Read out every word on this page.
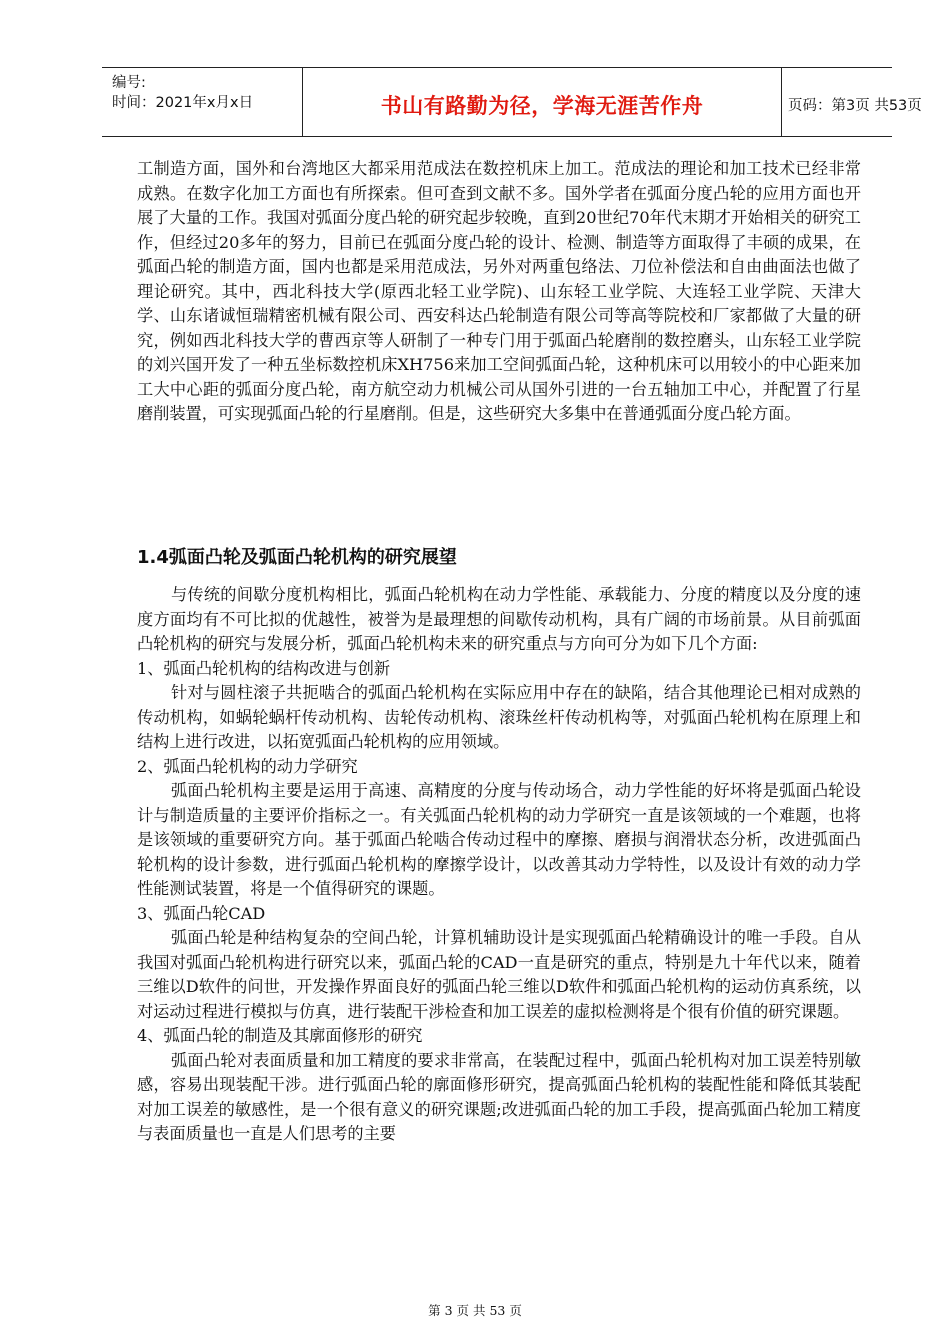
编号:
时间：2021年x月x日	书山有路勤为径，学海无涯苦作舟	页码：第3页 共53页

工制造方面，国外和台湾地区大都采用范成法在数控机床上加工。范成法的理论和加工技术已经非常成熟。在数字化加工方面也有所探索。但可查到文献不多。国外学者在弧面分度凸轮的应用方面也开展了大量的工作。我国对弧面分度凸轮的研究起步较晚，直到20世纪70年代末期才开始相关的研究工作，但经过20多年的努力，目前已在弧面分度凸轮的设计、检测、制造等方面取得了丰硕的成果，在弧面凸轮的制造方面，国内也都是采用范成法，另外对两重包络法、刀位补偿法和自由曲面法也做了理论研究。其中，西北科技大学(原西北轻工业学院)、山东轻工业学院、大连轻工业学院、天津大学、山东诸诚恒瑞精密机械有限公司、西安科达凸轮制造有限公司等高等院校和厂家都做了大量的研究，例如西北科技大学的曹西京等人研制了一种专门用于弧面凸轮磨削的数控磨头，山东轻工业学院的刘兴国开发了一种五坐标数控机床XH756来加工空间弧面凸轮，这种机床可以用较小的中心距来加工大中心距的弧面分度凸轮，南方航空动力机械公司从国外引进的一台五轴加工中心，并配置了行星磨削装置，可实现弧面凸轮的行星磨削。但是，这些研究大多集中在普通弧面分度凸轮方面。

1.4弧面凸轮及弧面凸轮机构的研究展望

与传统的间歇分度机构相比，弧面凸轮机构在动力学性能、承载能力、分度的精度以及分度的速度方面均有不可比拟的优越性，被誉为是最理想的间歇传动机构，具有广阔的市场前景。从目前弧面凸轮机构的研究与发展分析，弧面凸轮机构未来的研究重点与方向可分为如下几个方面:

1、弧面凸轮机构的结构改进与创新

针对与圆柱滚子共扼啮合的弧面凸轮机构在实际应用中存在的缺陷，结合其他理论已相对成熟的传动机构，如蜗轮蜗杆传动机构、齿轮传动机构、滚珠丝杆传动机构等，对弧面凸轮机构在原理上和结构上进行改进，以拓宽弧面凸轮机构的应用领域。

2、弧面凸轮机构的动力学研究

弧面凸轮机构主要是运用于高速、高精度的分度与传动场合，动力学性能的好坏将是弧面凸轮设计与制造质量的主要评价指标之一。有关弧面凸轮机构的动力学研究一直是该领域的一个难题，也将是该领域的重要研究方向。基于弧面凸轮啮合传动过程中的摩擦、磨损与润滑状态分析，改进弧面凸轮机构的设计参数，进行弧面凸轮机构的摩擦学设计，以改善其动力学特性，以及设计有效的动力学性能测试装置，将是一个值得研究的课题。

3、弧面凸轮CAD

弧面凸轮是种结构复杂的空间凸轮，计算机辅助设计是实现弧面凸轮精确设计的唯一手段。自从我国对弧面凸轮机构进行研究以来，弧面凸轮的CAD一直是研究的重点，特别是九十年代以来，随着三维以D软件的问世，开发操作界面良好的弧面凸轮三维以D软件和弧面凸轮机构的运动仿真系统，以对运动过程进行模拟与仿真，进行装配干涉检查和加工误差的虚拟检测将是个很有价值的研究课题。

4、弧面凸轮的制造及其廓面修形的研究

弧面凸轮对表面质量和加工精度的要求非常高，在装配过程中，弧面凸轮机构对加工误差特别敏感，容易出现装配干涉。进行弧面凸轮的廓面修形研究，提高弧面凸轮机构的装配性能和降低其装配对加工误差的敏感性，是一个很有意义的研究课题;改进弧面凸轮的加工手段，提高弧面凸轮加工精度与表面质量也一直是人们思考的主要

第 3 页 共 53 页
